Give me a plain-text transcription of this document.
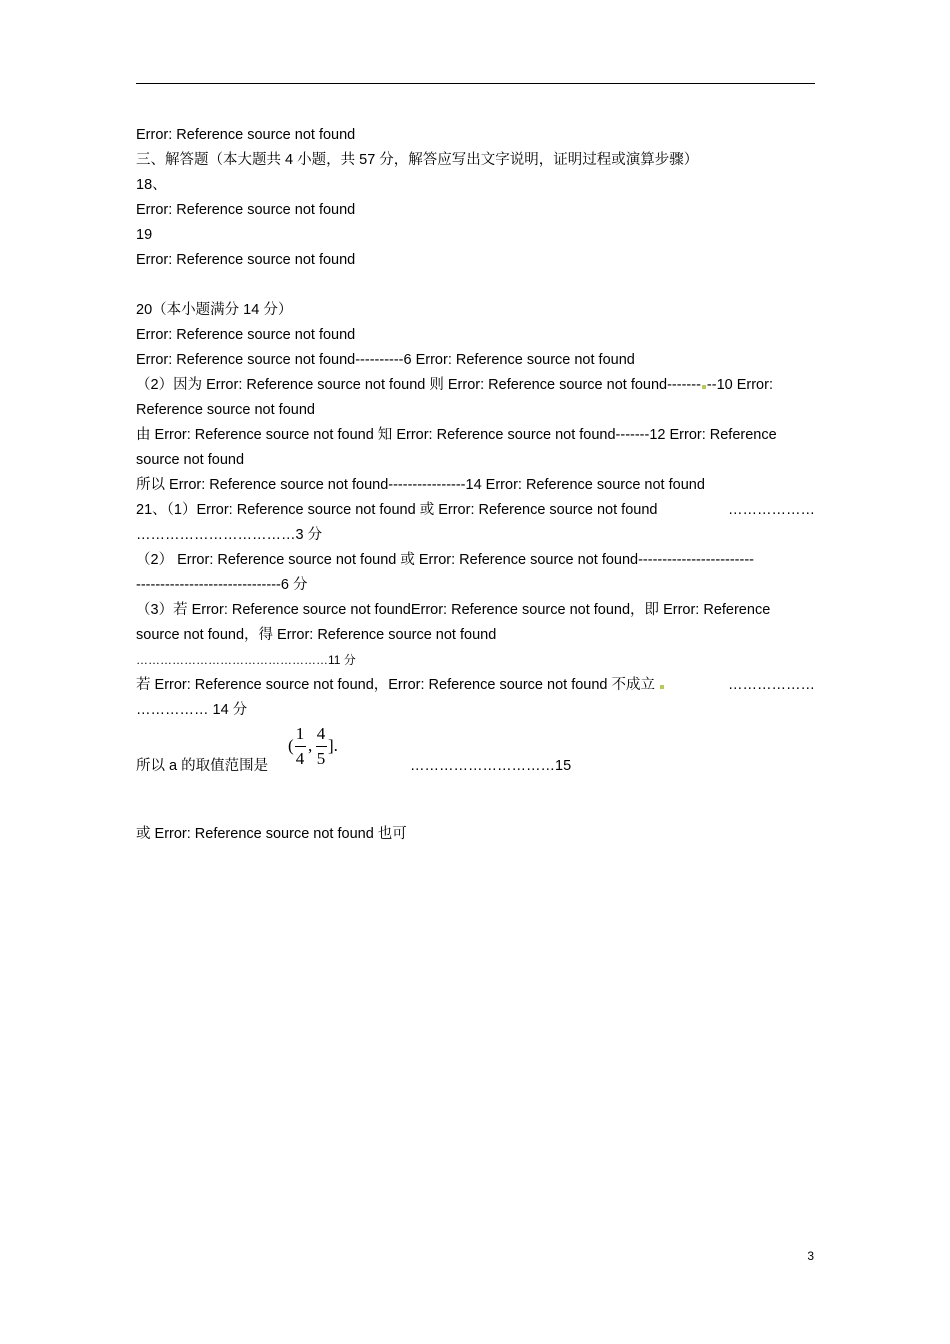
Error: Reference source not found
三、解答题（本大题共 4 小题，共 57 分，解答应写出文字说明，证明过程或演算步骤）
18、
Error: Reference source not found
19
Error: Reference source not found
20（本小题满分 14 分）
Error: Reference source not found
Error: Reference source not found----------6 Error: Reference source not found
（2）因为 Error: Reference source not found 则 Error: Reference source not found------- --10 Error:
Reference source not found
由 Error: Reference source not found 知 Error: Reference source not found-------12 Error: Reference
source not found
所以 Error: Reference source not found----------------14 Error: Reference source not found
21、（1）Error: Reference source not found 或 Error: Reference source not found	………………
……………………………3 分
（2） Error: Reference source not found 或 Error: Reference source not found------------------------
------------------------------6 分
（3）若 Error: Reference source not foundError: Reference source not found，即 Error: Reference
source not found，得 Error: Reference source not found
…………………………………………11 分
若 Error: Reference source not found，Error: Reference source not found 不成立	………………
…………… 14 分
所以 a 的取值范围是
(
1
4
,
4
5
].
…………………………15
或 Error: Reference source not found 也可
3
